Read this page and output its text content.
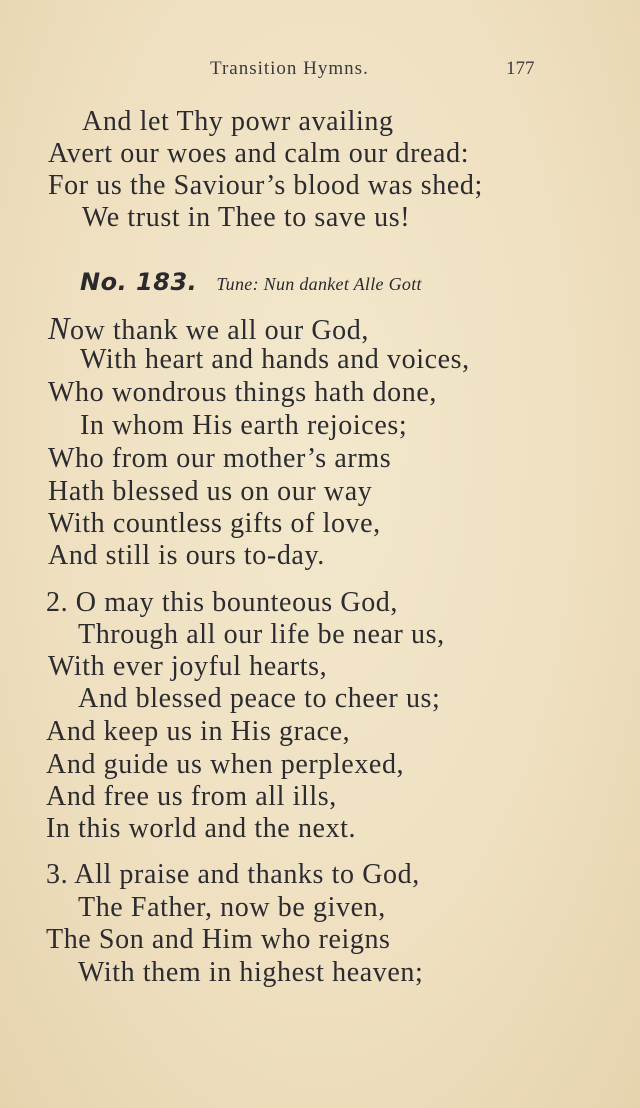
Transition Hymns.	177
And let Thy powr availing
Avert our woes and calm our dread:
For us the Saviour’s blood was shed;
We trust in Thee to save us!
No. 183. Tune: Nun danket Alle Gott
Now thank we all our God,
With heart and hands and voices,
Who wondrous things hath done,
In whom His earth rejoices;
Who from our mother’s arms
Hath blessed us on our way
With countless gifts of love,
And still is ours to-day.
2. O may this bounteous God,
Through all our life be near us,
With ever joyful hearts,
And blessed peace to cheer us;
And keep us in His grace,
And guide us when perplexed,
And free us from all ills,
In this world and the next.
3. All praise and thanks to God,
The Father, now be given,
The Son and Him who reigns
With them in highest heaven;
